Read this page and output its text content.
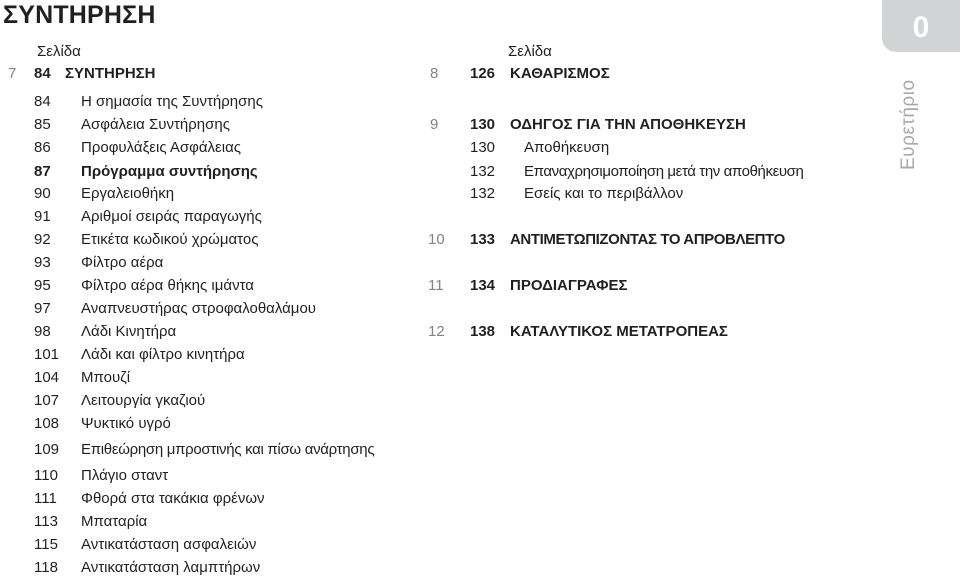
ΣΥΝΤΗΡΗΣΗ	0
Ευρετήριο
Σελίδα
7 84 ΣΥΝΤΗΡΗΣΗ
84	Η σημασία της Συντήρησης
85	Ασφάλεια Συντήρησης
86	Προφυλάξεις Ασφάλειας
87	Πρόγραμμα συντήρησης
90	Εργαλειοθήκη
91	Αριθμοί σειράς παραγωγής
92	Ετικέτα κωδικού χρώματος
93	Φίλτρο αέρα
95	Φίλτρο αέρα θήκης ιμάντα
97	Αναπνευστήρας στροφαλοθαλάμου
98	Λάδι Κινητήρα
101	Λάδι και φίλτρο κινητήρα
104	Μπουζί
107	Λειτουργία γκαζιού
108	Ψυκτικό υγρό
109	Επιθεώρηση μπροστινής και πίσω ανάρτησης
110	Πλάγιο σταντ
111	Φθορά στα τακάκια φρένων
113	Μπαταρία
115	Αντικατάσταση ασφαλειών
118	Αντικατάσταση λαμπτήρων
Σελίδα
8 126 ΚΑΘΑΡΙΣΜΟΣ
9 130 ΟΔΗΓΟΣ ΓΙΑ ΤΗΝ ΑΠΟΘΗΚΕΥΣΗ
130 Αποθήκευση
132 Επαναχρησιμοποίηση μετά την αποθήκευση
132 Εσείς και το περιβάλλον
10 133 ΑΝΤΙΜΕΤΩΠΙΖΟΝΤΑΣ ΤΟ ΑΠΡΟΒΛΕΠΤΟ
11 134 ΠΡΟΔΙΑΓΡΑΦΕΣ
12 138 ΚΑΤΑΛΥΤΙΚΟΣ ΜΕΤΑΤΡΟΠΕΑΣ
